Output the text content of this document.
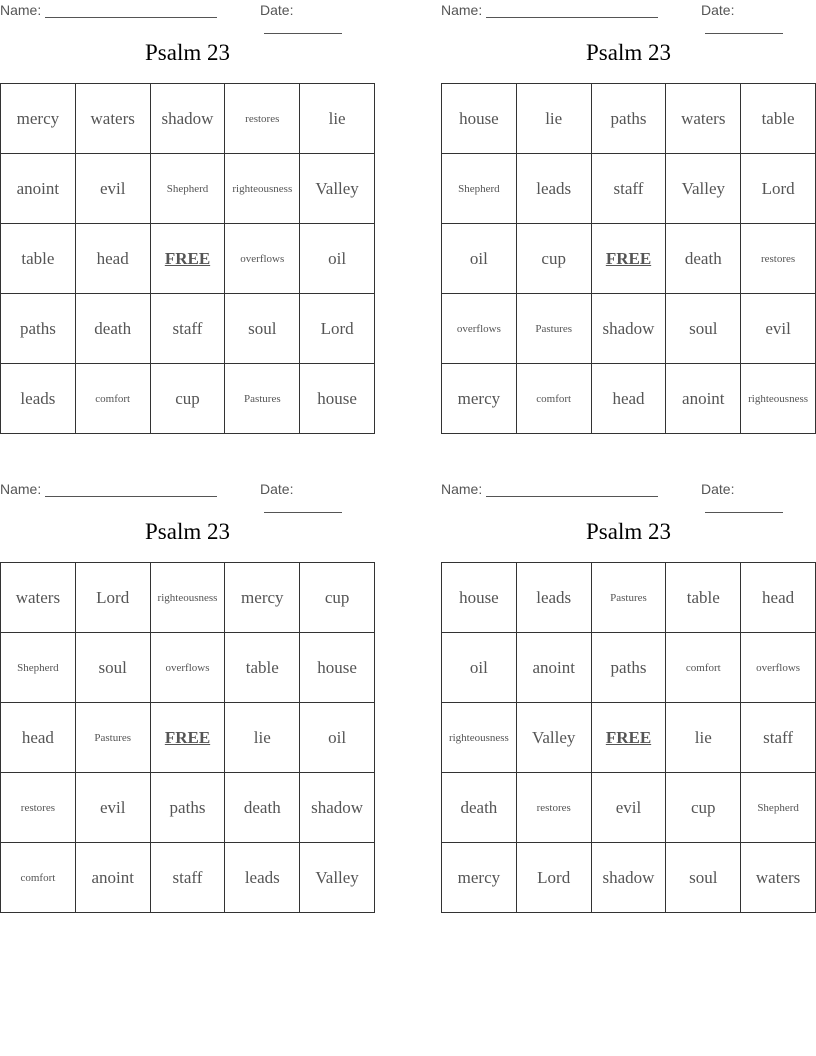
Name:	Date:
Psalm 23
mercy	waters	shadow	restores	lie
anoint	evil	Shepherd	righteousness	Valley
table	head	FREE	overflows	oil
paths	death	staff	soul	Lord
leads	comfort	cup	Pastures	house
Name:	Date:
Psalm 23
house	lie	paths	waters	table
Shepherd	leads	staff	Valley	Lord
oil	cup	FREE	death	restores
overflows	Pastures	shadow	soul	evil
mercy	comfort	head	anoint	righteousness
Name:	Date:
Psalm 23
waters	Lord	righteousness	mercy	cup
Shepherd	soul	overflows	table	house
head	Pastures	FREE	lie	oil
restores	evil	paths	death	shadow
comfort	anoint	staff	leads	Valley
Name:	Date:
Psalm 23
house	leads	Pastures	table	head
oil	anoint	paths	comfort	overflows
righteousness	Valley	FREE	lie	staff
death	restores	evil	cup	Shepherd
mercy	Lord	shadow	soul	waters
